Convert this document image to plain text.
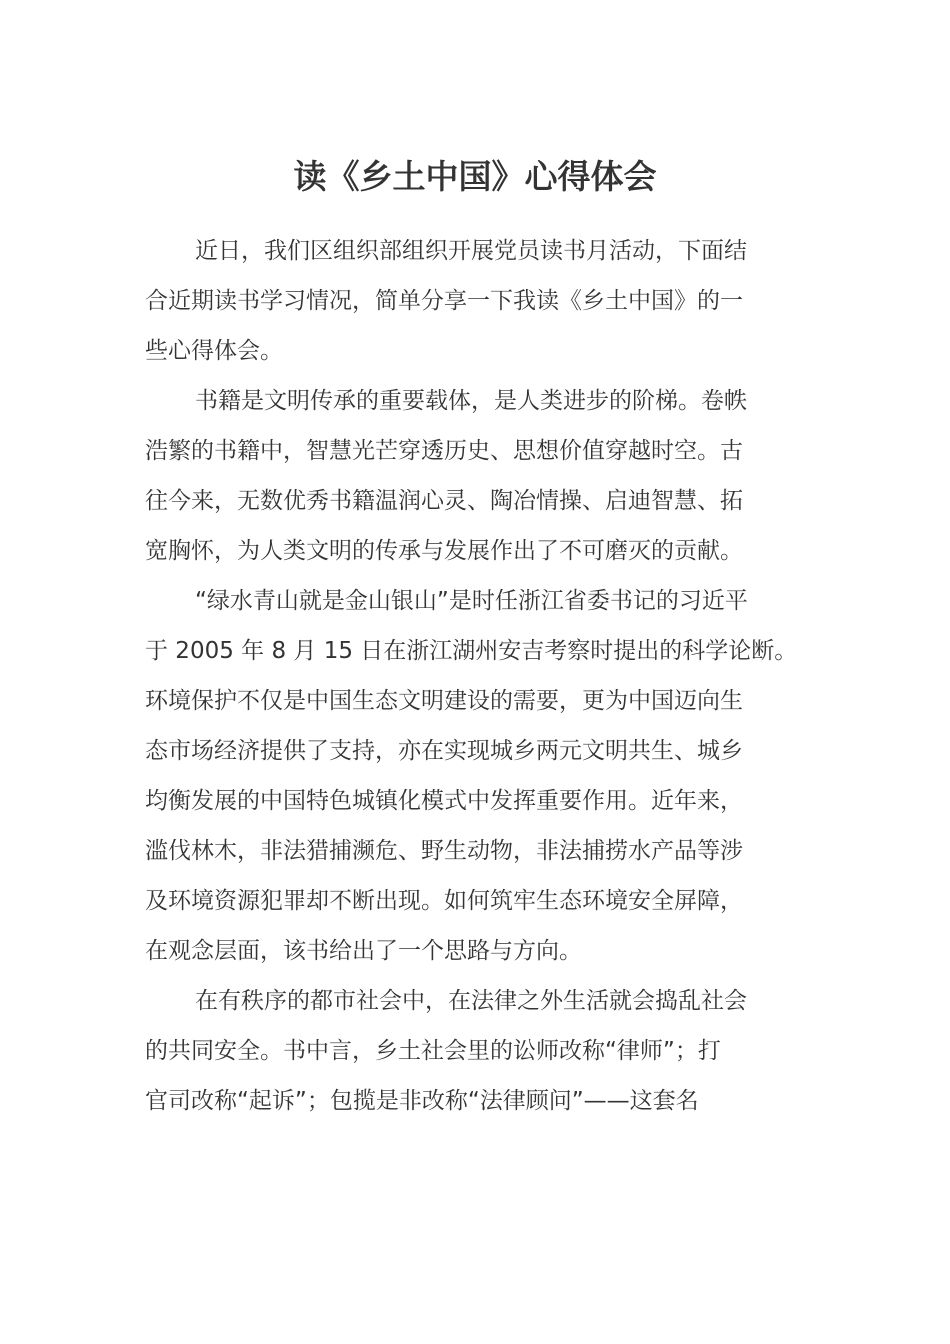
读《乡土中国》心得体会
近日，我们区组织部组织开展党员读书月活动，下面结
合近期读书学习情况，简单分享一下我读《乡土中国》的一
些心得体会。
书籍是文明传承的重要载体，是人类进步的阶梯。卷帙
浩繁的书籍中，智慧光芒穿透历史、思想价值穿越时空。古
往今来，无数优秀书籍温润心灵、陶冶情操、启迪智慧、拓
宽胸怀，为人类文明的传承与发展作出了不可磨灭的贡献。
“绿水青山就是金山银山”是时任浙江省委书记的习近平
于 2005 年 8 月 15 日在浙江湖州安吉考察时提出的科学论断。
环境保护不仅是中国生态文明建设的需要，更为中国迈向生
态市场经济提供了支持，亦在实现城乡两元文明共生、城乡
均衡发展的中国特色城镇化模式中发挥重要作用。近年来，
滥伐林木，非法猎捕濒危、野生动物，非法捕捞水产品等涉
及环境资源犯罪却不断出现。如何筑牢生态环境安全屏障，
在观念层面，该书给出了一个思路与方向。
在有秩序的都市社会中，在法律之外生活就会捣乱社会
的共同安全。书中言，乡土社会里的讼师改称“律师”；打
官司改称“起诉”；包揽是非改称“法律顾问”——这套名
